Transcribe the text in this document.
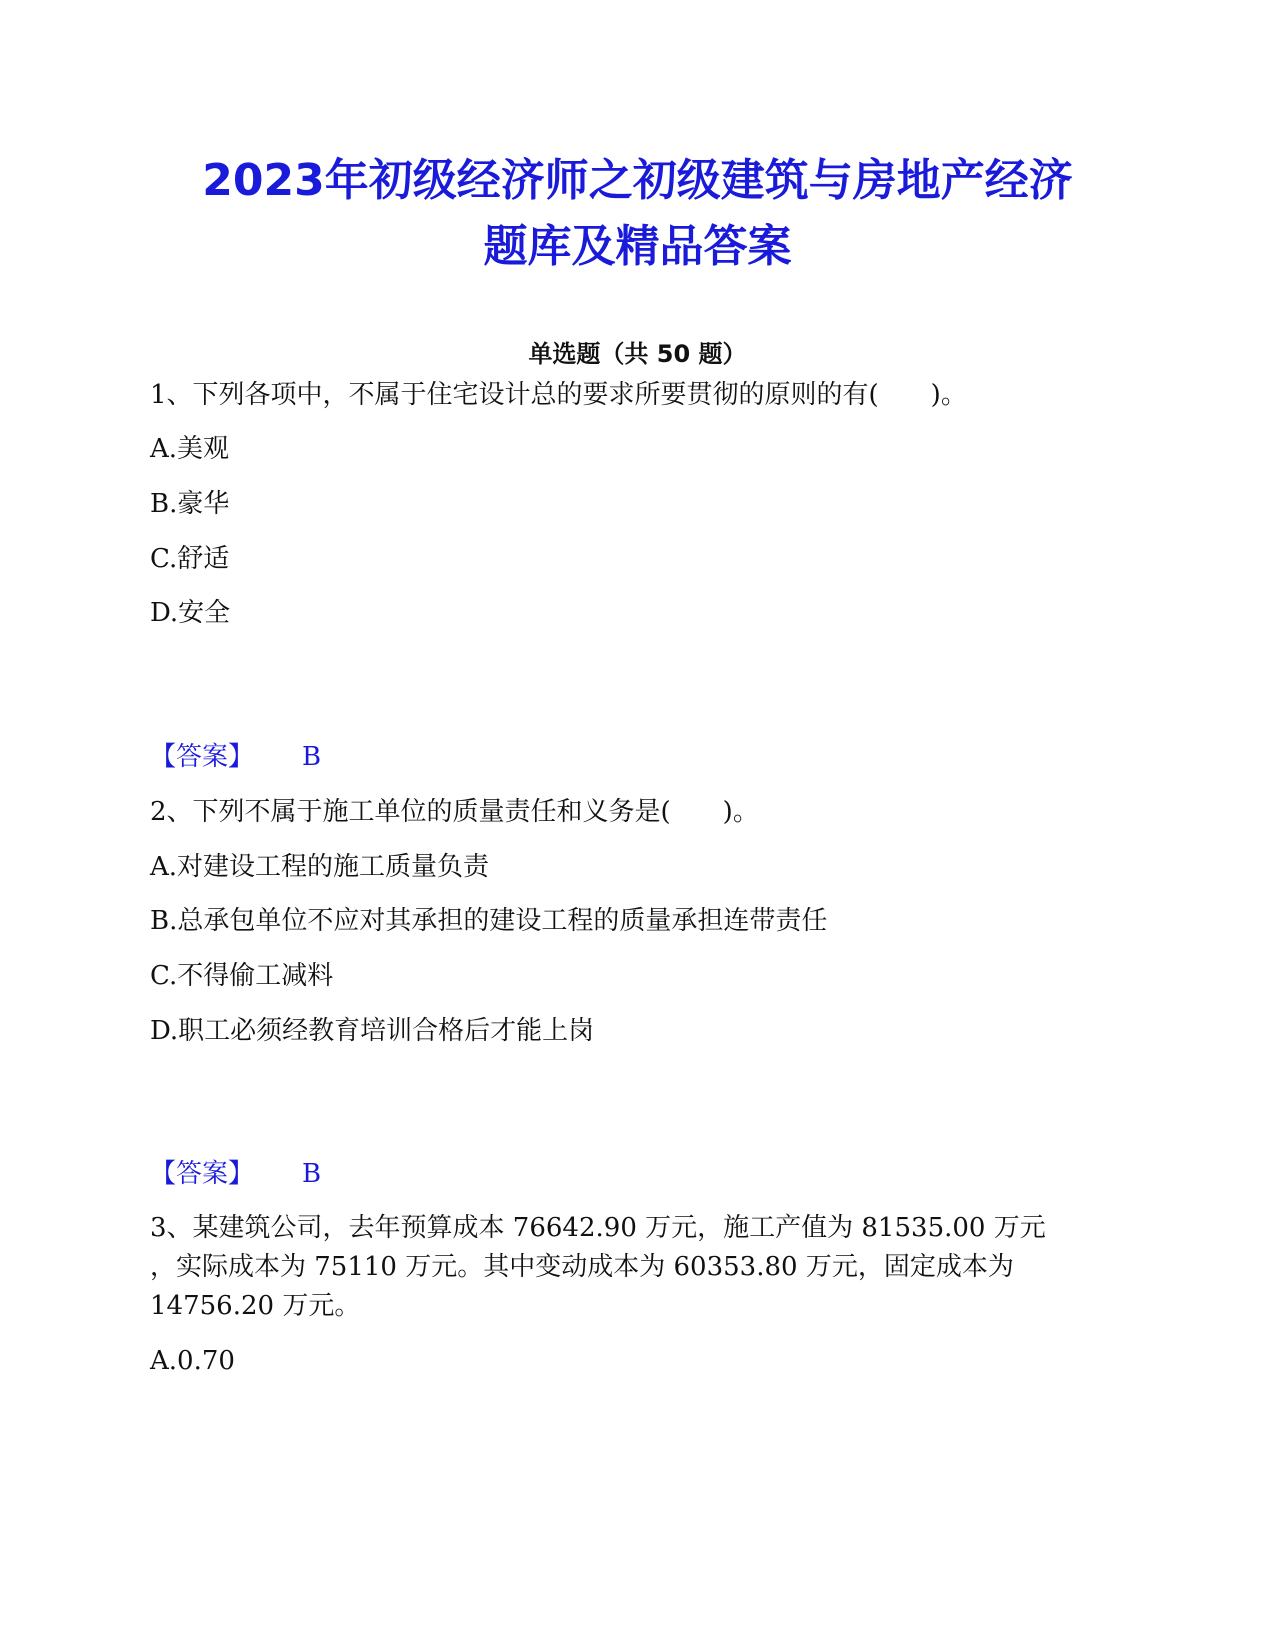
2023年初级经济师之初级建筑与房地产经济
题库及精品答案
单选题（共 50 题）
1、下列各项中，不属于住宅设计总的要求所要贯彻的原则的有(　　)。
A.美观
B.豪华
C.舒适
D.安全
【答案】 B
2、下列不属于施工单位的质量责任和义务是(　　)。
A.对建设工程的施工质量负责
B.总承包单位不应对其承担的建设工程的质量承担连带责任
C.不得偷工减料
D.职工必须经教育培训合格后才能上岗
【答案】 B
3、某建筑公司，去年预算成本 76642.90 万元，施工产值为 81535.00 万元
，实际成本为 75110 万元。其中变动成本为 60353.80 万元，固定成本为
14756.20 万元。
A.0.70
